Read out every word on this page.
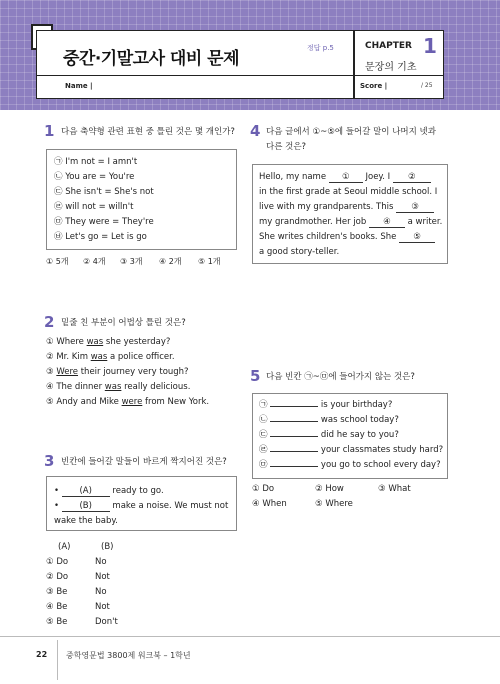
중간·기말고사 대비 문제
정답 p.5	CHAPTER 1
문장의 기초
Name |	Score |	/ 25
1 다음 축약형 관련 표현 중 틀린 것은 몇 개인가?
㉠ I'm not = I amn't
㉡ You are = You're
㉢ She isn't = She's not
㉣ will not = willn't
㉤ They were = They're
㉥ Let's go = Let is go
① 5개 ② 4개 ③ 3개 ④ 2개 ⑤ 1개
2 밑줄 친 부분이 어법상 틀린 것은?
① Where was she yesterday?
② Mr. Kim was a police officer.
③ Were their journey very tough?
④ The dinner was really delicious.
⑤ Andy and Mike were from New York.
3 빈칸에 들어갈 말들이 바르게 짝지어진 것은?
• (A) ready to go.
• (B) make a noise. We must not
wake the baby.
(A)	(B)
① Do	No
② Do	Not
③ Be	No
④ Be	Not
⑤ Be	Don't
4 다음 글에서 ①~⑤에 들어갈 말이 나머지 넷과
다른 것은?
Hello, my name ① Joey. I ②
in the first grade at Seoul middle school. I
live with my grandparents. This ③
my grandmother. Her job ④ a writer.
She writes children's books. She ⑤
a good story-teller.
5 다음 빈칸 ㉠~㉤에 들어가지 않는 것은?
㉠	is your birthday?
㉡	was school today?
㉢	did he say to you?
㉣	your classmates study hard?
㉤	you go to school every day?
① Do	② How	③ What
④ When	⑤ Where
22 중학영문법 3800제 워크북 – 1학년
